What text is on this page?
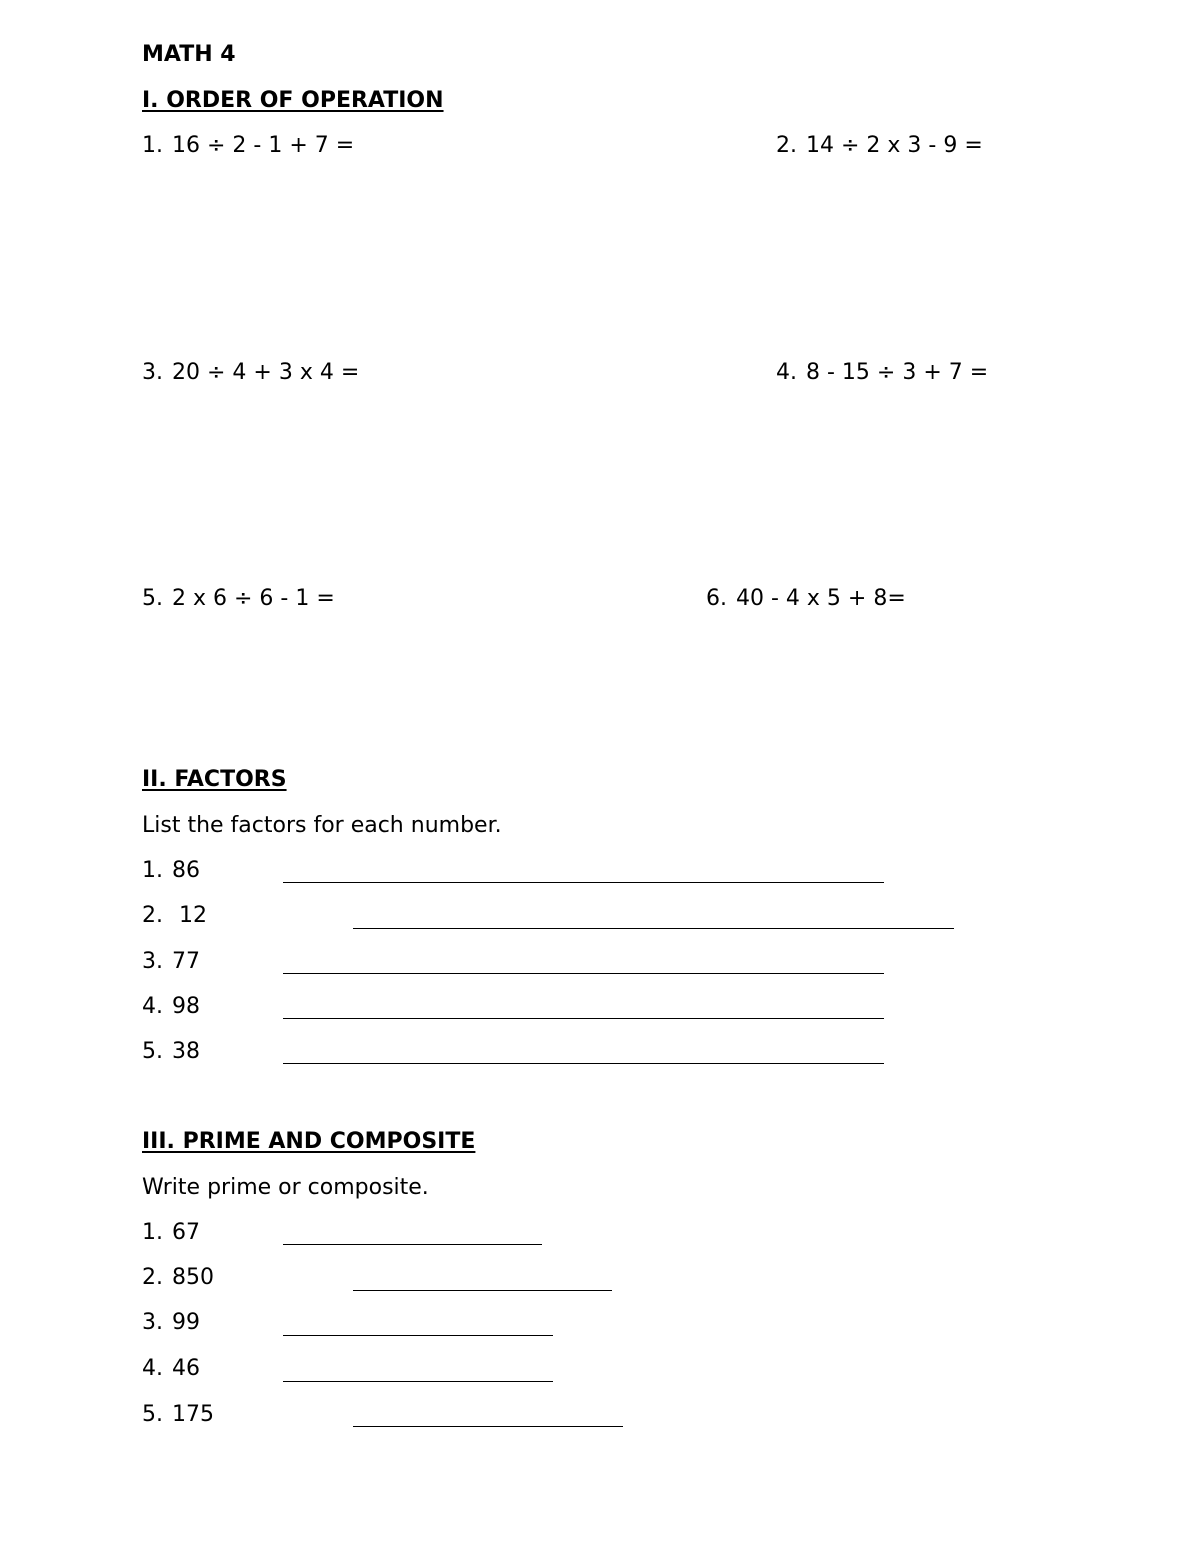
MATH 4
I. ORDER OF OPERATION
1. 16 ÷ 2 - 1 + 7 =	2. 14 ÷ 2 x 3 - 9 =
3. 20 ÷ 4 + 3 x 4 =	4. 8 - 15 ÷ 3 + 7 =
5. 2 x 6 ÷ 6 - 1 =	6. 40 - 4 x 5 + 8=
II. FACTORS
List the factors for each number.
1. 86
2. 12
3. 77
4. 98
5. 38
III. PRIME AND COMPOSITE
Write prime or composite.
1. 67
2. 850
3. 99
4. 46
5. 175
